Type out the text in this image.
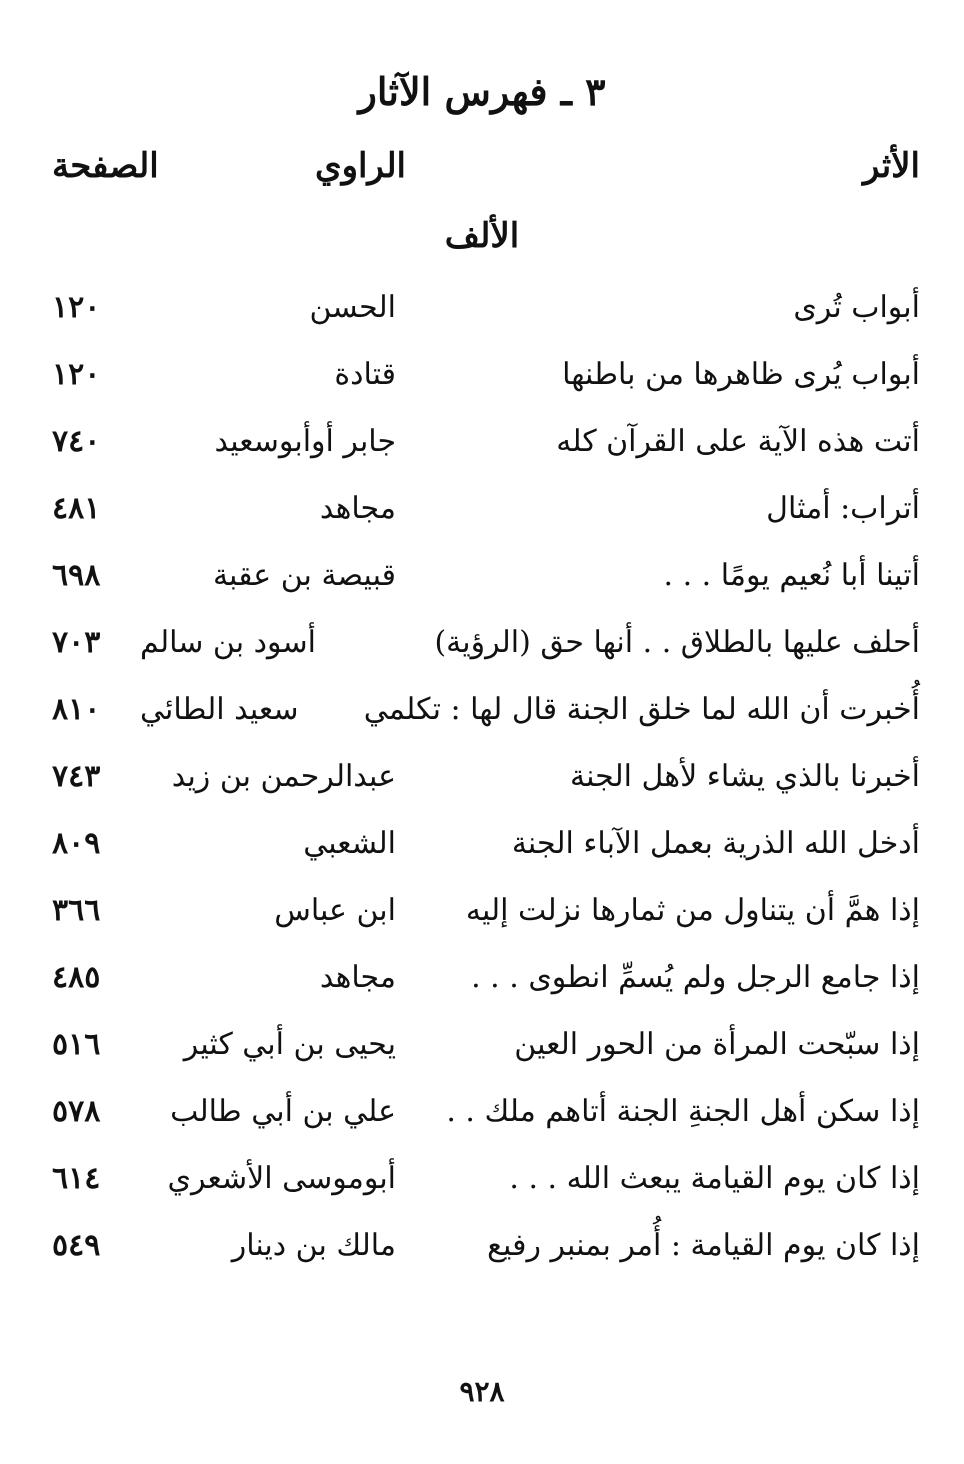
٣ ـ فهرس الآثار
الأثر
الراوي
الصفحة
الألف
أبواب تُرى
الحسن
١٢٠
أبواب يُرى ظاهرها من باطنها
قتادة
١٢٠
أتت هذه الآية على القرآن كله
جابر أوأبوسعيد
٧٤٠
أتراب: أمثال
مجاهد
٤٨١
أتينا أبا نُعيم يومًا . . .
قبيصة بن عقبة
٦٩٨
أحلف عليها بالطلاق . . أنها حق (الرؤية)
أسود بن سالم
٧٠٣
أُخبرت أن الله لما خلق الجنة قال لها : تكلمي
سعيد الطائي
٨١٠
أخبرنا بالذي يشاء لأهل الجنة
عبدالرحمن بن زيد
٧٤٣
أدخل الله الذرية بعمل الآباء الجنة
الشعبي
٨٠٩
إذا همَّ أن يتناول من ثمارها نزلت إليه
ابن عباس
٣٦٦
إذا جامع الرجل ولم يُسمِّ انطوى . . .
مجاهد
٤٨٥
إذا سبّحت المرأة من الحور العين
يحيى بن أبي كثير
٥١٦
إذا سكن أهل الجنةِ الجنة أتاهم ملك . .
علي بن أبي طالب
٥٧٨
إذا كان يوم القيامة يبعث الله . . .
أبوموسى الأشعري
٦١٤
إذا كان يوم القيامة : أُمر بمنبر رفيع
مالك بن دينار
٥٤٩
٩٢٨
